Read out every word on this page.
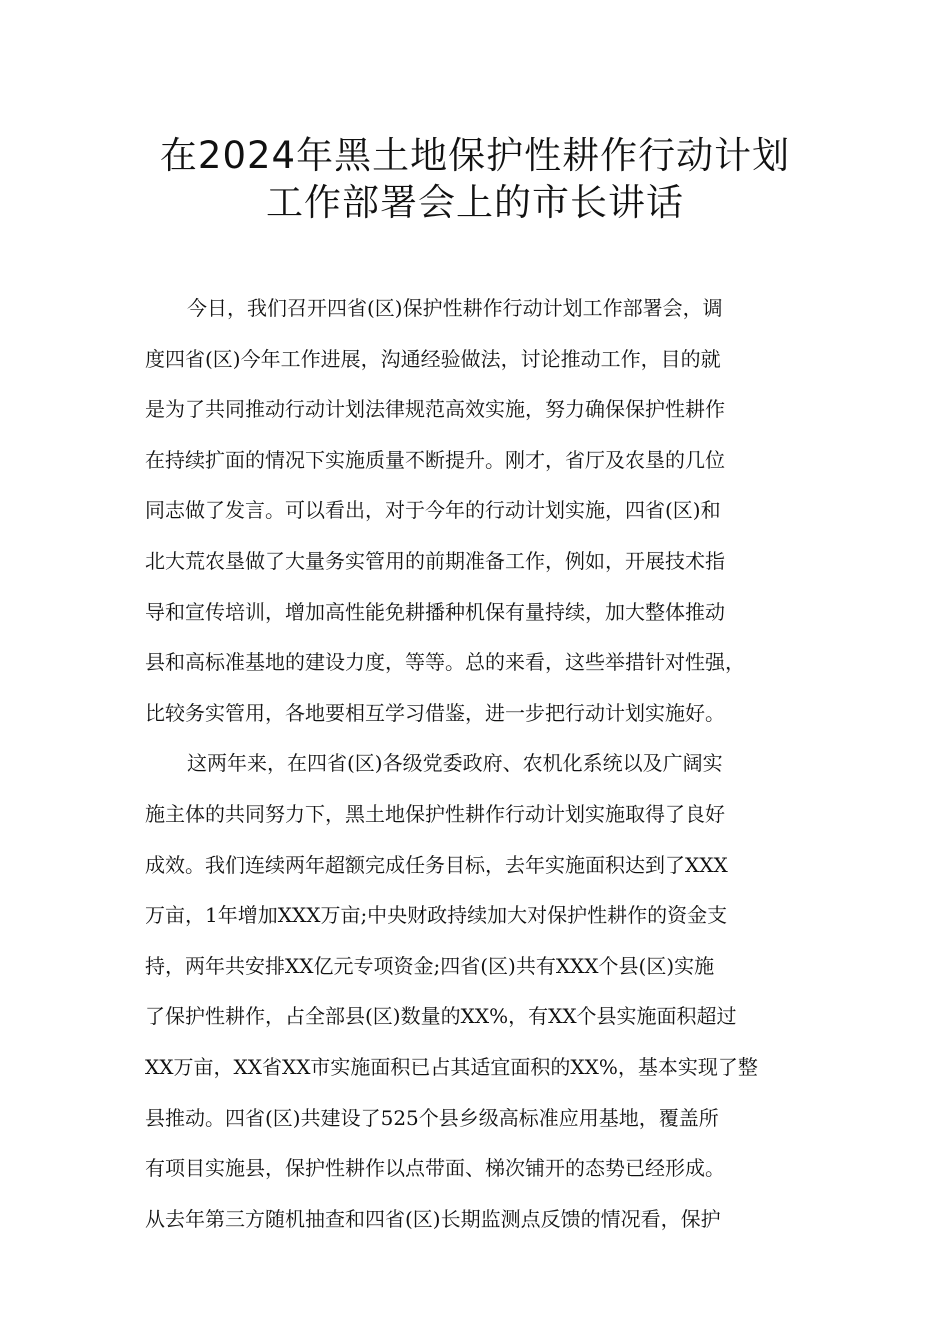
在2024年黑土地保护性耕作行动计划
工作部署会上的市长讲话
今日，我们召开四省(区)保护性耕作行动计划工作部署会，调
度四省(区)今年工作进展，沟通经验做法，讨论推动工作，目的就
是为了共同推动行动计划法律规范高效实施，努力确保保护性耕作
在持续扩面的情况下实施质量不断提升。刚才，省厅及农垦的几位
同志做了发言。可以看出，对于今年的行动计划实施，四省(区)和
北大荒农垦做了大量务实管用的前期准备工作，例如，开展技术指
导和宣传培训，增加高性能免耕播种机保有量持续，加大整体推动
县和高标准基地的建设力度，等等。总的来看，这些举措针对性强，
比较务实管用，各地要相互学习借鉴，进一步把行动计划实施好。
这两年来，在四省(区)各级党委政府、农机化系统以及广阔实
施主体的共同努力下，黑土地保护性耕作行动计划实施取得了良好
成效。我们连续两年超额完成任务目标，去年实施面积达到了XXX
万亩，1年增加XXX万亩;中央财政持续加大对保护性耕作的资金支
持，两年共安排XX亿元专项资金;四省(区)共有XXX个县(区)实施
了保护性耕作，占全部县(区)数量的XX%，有XX个县实施面积超过
XX万亩，XX省XX市实施面积已占其适宜面积的XX%，基本实现了整
县推动。四省(区)共建设了525个县乡级高标准应用基地，覆盖所
有项目实施县，保护性耕作以点带面、梯次铺开的态势已经形成。
从去年第三方随机抽查和四省(区)长期监测点反馈的情况看，保护
